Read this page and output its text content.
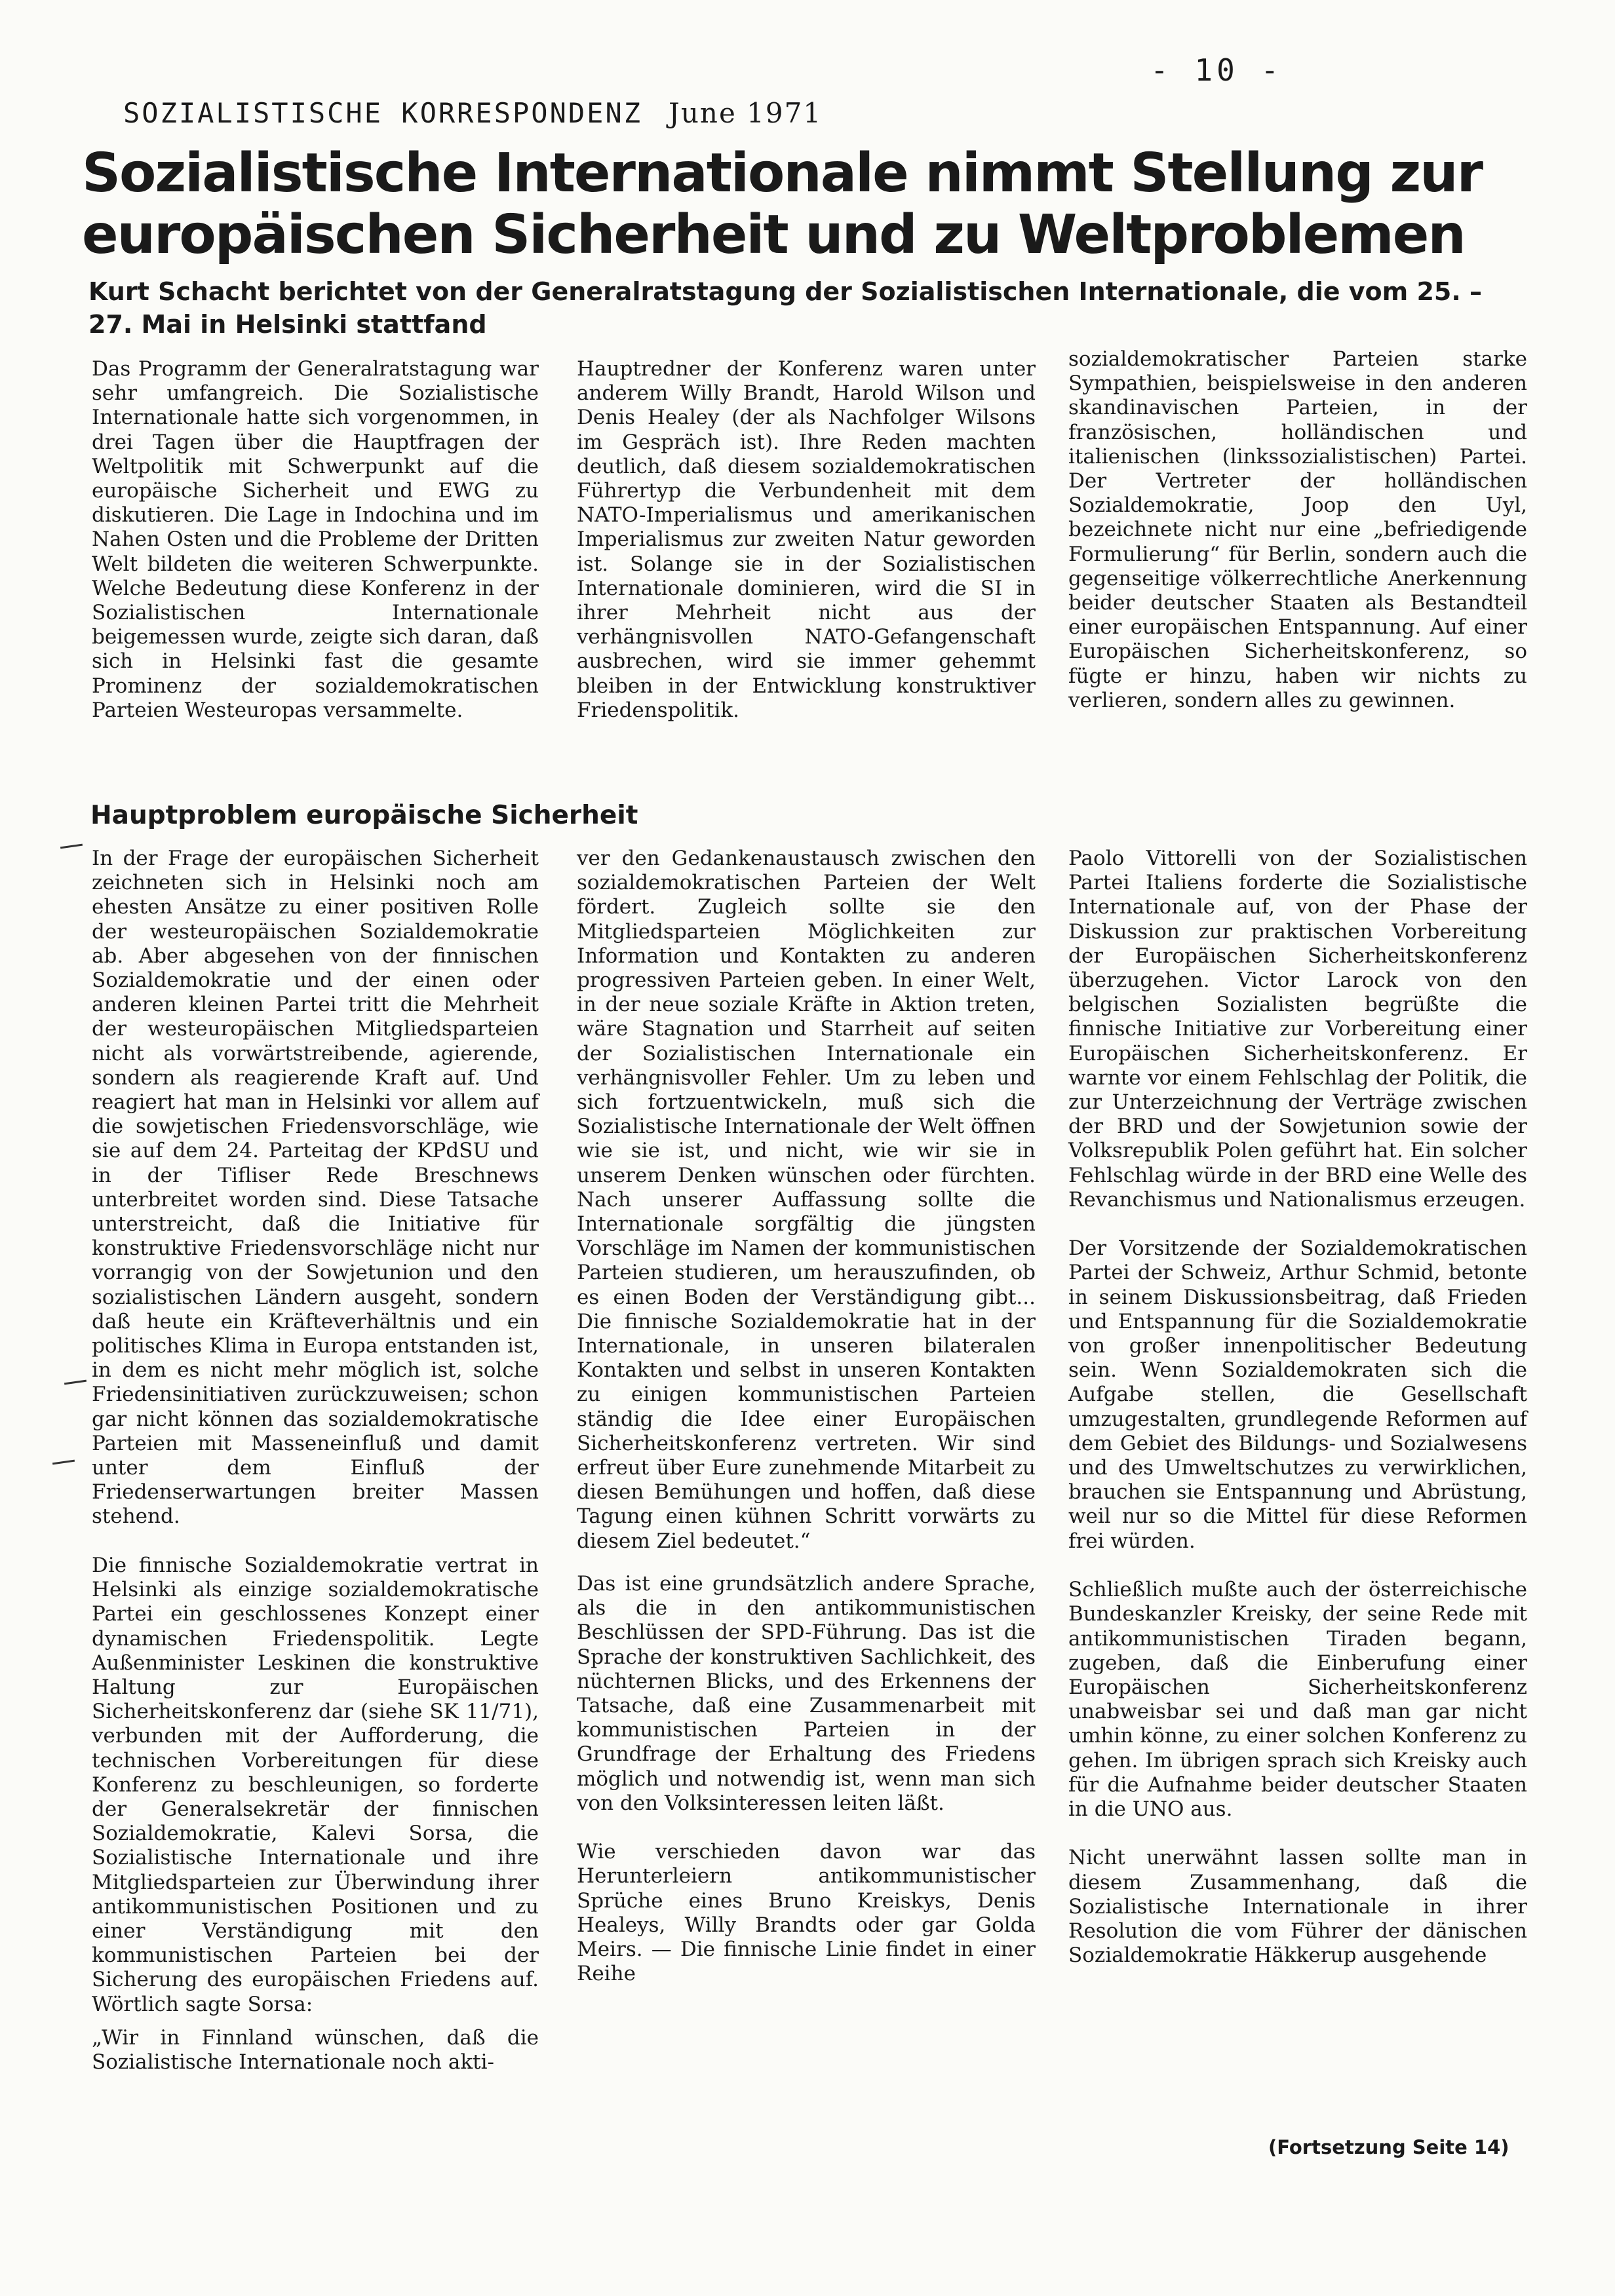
- 10 -
SOZIALISTISCHE KORRESPONDENZ June 1971
Sozialistische Internationale nimmt Stellung zur europäischen Sicherheit und zu Weltproblemen

Kurt Schacht berichtet von der Generalratstagung der Sozialistischen Internationale, die vom 25. – 27. Mai in Helsinki stattfand

Das Programm der Generalratstagung war sehr umfangreich. Die Sozialistische Internationale hatte sich vorgenommen, in drei Tagen über die Hauptfragen der Weltpolitik mit Schwerpunkt auf die europäische Sicherheit und EWG zu diskutieren. Die Lage in Indochina und im Nahen Osten und die Probleme der Dritten Welt bildeten die weiteren Schwerpunkte. Welche Bedeutung diese Konferenz in der Sozialistischen Internationale beigemessen wurde, zeigte sich daran, daß sich in Helsinki fast die gesamte Prominenz der sozialdemokratischen Parteien Westeuropas versammelte.

Hauptredner der Konferenz waren unter anderem Willy Brandt, Harold Wilson und Denis Healey (der als Nachfolger Wilsons im Gespräch ist). Ihre Reden machten deutlich, daß diesem sozialdemokratischen Führertyp die Verbundenheit mit dem NATO-Imperialismus und amerikanischen Imperialismus zur zweiten Natur geworden ist. Solange sie in der Sozialistischen Internationale dominieren, wird die SI in ihrer Mehrheit nicht aus der verhängnisvollen NATO-Gefangenschaft ausbrechen, wird sie immer gehemmt bleiben in der Entwicklung konstruktiver Friedenspolitik.

sozialdemokratischer Parteien starke Sympathien, beispielsweise in den anderen skandinavischen Parteien, in der französischen, holländischen und italienischen (linkssozialistischen) Partei. Der Vertreter der holländischen Sozialdemokratie, Joop den Uyl, bezeichnete nicht nur eine „befriedigende Formulierung“ für Berlin, sondern auch die gegenseitige völkerrechtliche Anerkennung beider deutscher Staaten als Bestandteil einer europäischen Entspannung. Auf einer Europäischen Sicherheitskonferenz, so fügte er hinzu, haben wir nichts zu verlieren, sondern alles zu gewinnen.

Hauptproblem europäische Sicherheit
In der Frage der europäischen Sicherheit zeichneten sich in Helsinki noch am ehesten Ansätze zu einer positiven Rolle der westeuropäischen Sozialdemokratie ab. Aber abgesehen von der finnischen Sozialdemokratie und der einen oder anderen kleinen Partei tritt die Mehrheit der westeuropäischen Mitgliedsparteien nicht als vorwärtstreibende, agierende, sondern als reagierende Kraft auf. Und reagiert hat man in Helsinki vor allem auf die sowjetischen Friedensvorschläge, wie sie auf dem 24. Parteitag der KPdSU und in der Tifliser Rede Breschnews unterbreitet worden sind. Diese Tatsache unterstreicht, daß die Initiative für konstruktive Friedensvorschläge nicht nur vorrangig von der Sowjetunion und den sozialistischen Ländern ausgeht, sondern daß heute ein Kräfteverhältnis und ein politisches Klima in Europa entstanden ist, in dem es nicht mehr möglich ist, solche Friedensinitiativen zurückzuweisen; schon gar nicht können das sozialdemokratische Parteien mit Masseneinfluß und damit unter dem Einfluß der Friedenserwartungen breiter Massen stehend.

Die finnische Sozialdemokratie vertrat in Helsinki als einzige sozialdemokratische Partei ein geschlossenes Konzept einer dynamischen Friedenspolitik. Legte Außenminister Leskinen die konstruktive Haltung zur Europäischen Sicherheitskonferenz dar (siehe SK 11/71), verbunden mit der Aufforderung, die technischen Vorbereitungen für diese Konferenz zu beschleunigen, so forderte der Generalsekretär der finnischen Sozialdemokratie, Kalevi Sorsa, die Sozialistische Internationale und ihre Mitgliedsparteien zur Überwindung ihrer antikommunistischen Positionen und zu einer Verständigung mit den kommunistischen Parteien bei der Sicherung des europäischen Friedens auf. Wörtlich sagte Sorsa:
„Wir in Finnland wünschen, daß die Sozialistische Internationale noch akti-
ver den Gedankenaustausch zwischen den sozialdemokratischen Parteien der Welt fördert. Zugleich sollte sie den Mitgliedsparteien Möglichkeiten zur Information und Kontakten zu anderen progressiven Parteien geben. In einer Welt, in der neue soziale Kräfte in Aktion treten, wäre Stagnation und Starrheit auf seiten der Sozialistischen Internationale ein verhängnisvoller Fehler. Um zu leben und sich fortzuentwickeln, muß sich die Sozialistische Internationale der Welt öffnen wie sie ist, und nicht, wie wir sie in unserem Denken wünschen oder fürchten. Nach unserer Auffassung sollte die Internationale sorgfältig die jüngsten Vorschläge im Namen der kommunistischen Parteien studieren, um herauszufinden, ob es einen Boden der Verständigung gibt... Die finnische Sozialdemokratie hat in der Internationale, in unseren bilateralen Kontakten und selbst in unseren Kontakten zu einigen kommunistischen Parteien ständig die Idee einer Europäischen Sicherheitskonferenz vertreten. Wir sind erfreut über Eure zunehmende Mitarbeit zu diesen Bemühungen und hoffen, daß diese Tagung einen kühnen Schritt vorwärts zu diesem Ziel bedeutet.“
Das ist eine grundsätzlich andere Sprache, als die in den antikommunistischen Beschlüssen der SPD-Führung. Das ist die Sprache der konstruktiven Sachlichkeit, des nüchternen Blicks, und des Erkennens der Tatsache, daß eine Zusammenarbeit mit kommunistischen Parteien in der Grundfrage der Erhaltung des Friedens möglich und notwendig ist, wenn man sich von den Volksinteressen leiten läßt.

Wie verschieden davon war das Herunterleiern antikommunistischer Sprüche eines Bruno Kreiskys, Denis Healeys, Willy Brandts oder gar Golda Meirs. — Die finnische Linie findet in einer Reihe
Paolo Vittorelli von der Sozialistischen Partei Italiens forderte die Sozialistische Internationale auf, von der Phase der Diskussion zur praktischen Vorbereitung der Europäischen Sicherheitskonferenz überzugehen. Victor Larock von den belgischen Sozialisten begrüßte die finnische Initiative zur Vorbereitung einer Europäischen Sicherheitskonferenz. Er warnte vor einem Fehlschlag der Politik, die zur Unterzeichnung der Verträge zwischen der BRD und der Sowjetunion sowie der Volksrepublik Polen geführt hat. Ein solcher Fehlschlag würde in der BRD eine Welle des Revanchismus und Nationalismus erzeugen.

Der Vorsitzende der Sozialdemokratischen Partei der Schweiz, Arthur Schmid, betonte in seinem Diskussionsbeitrag, daß Frieden und Entspannung für die Sozialdemokratie von großer innenpolitischer Bedeutung sein. Wenn Sozialdemokraten sich die Aufgabe stellen, die Gesellschaft umzugestalten, grundlegende Reformen auf dem Gebiet des Bildungs- und Sozialwesens und des Umweltschutzes zu verwirklichen, brauchen sie Entspannung und Abrüstung, weil nur so die Mittel für diese Reformen frei würden.

Schließlich mußte auch der österreichische Bundeskanzler Kreisky, der seine Rede mit antikommunistischen Tiraden begann, zugeben, daß die Einberufung einer Europäischen Sicherheitskonferenz unabweisbar sei und daß man gar nicht umhin könne, zu einer solchen Konferenz zu gehen. Im übrigen sprach sich Kreisky auch für die Aufnahme beider deutscher Staaten in die UNO aus.

Nicht unerwähnt lassen sollte man in diesem Zusammenhang, daß die Sozialistische Internationale in ihrer Resolution die vom Führer der dänischen Sozialdemokratie Häkkerup ausgehende
(Fortsetzung Seite 14)
